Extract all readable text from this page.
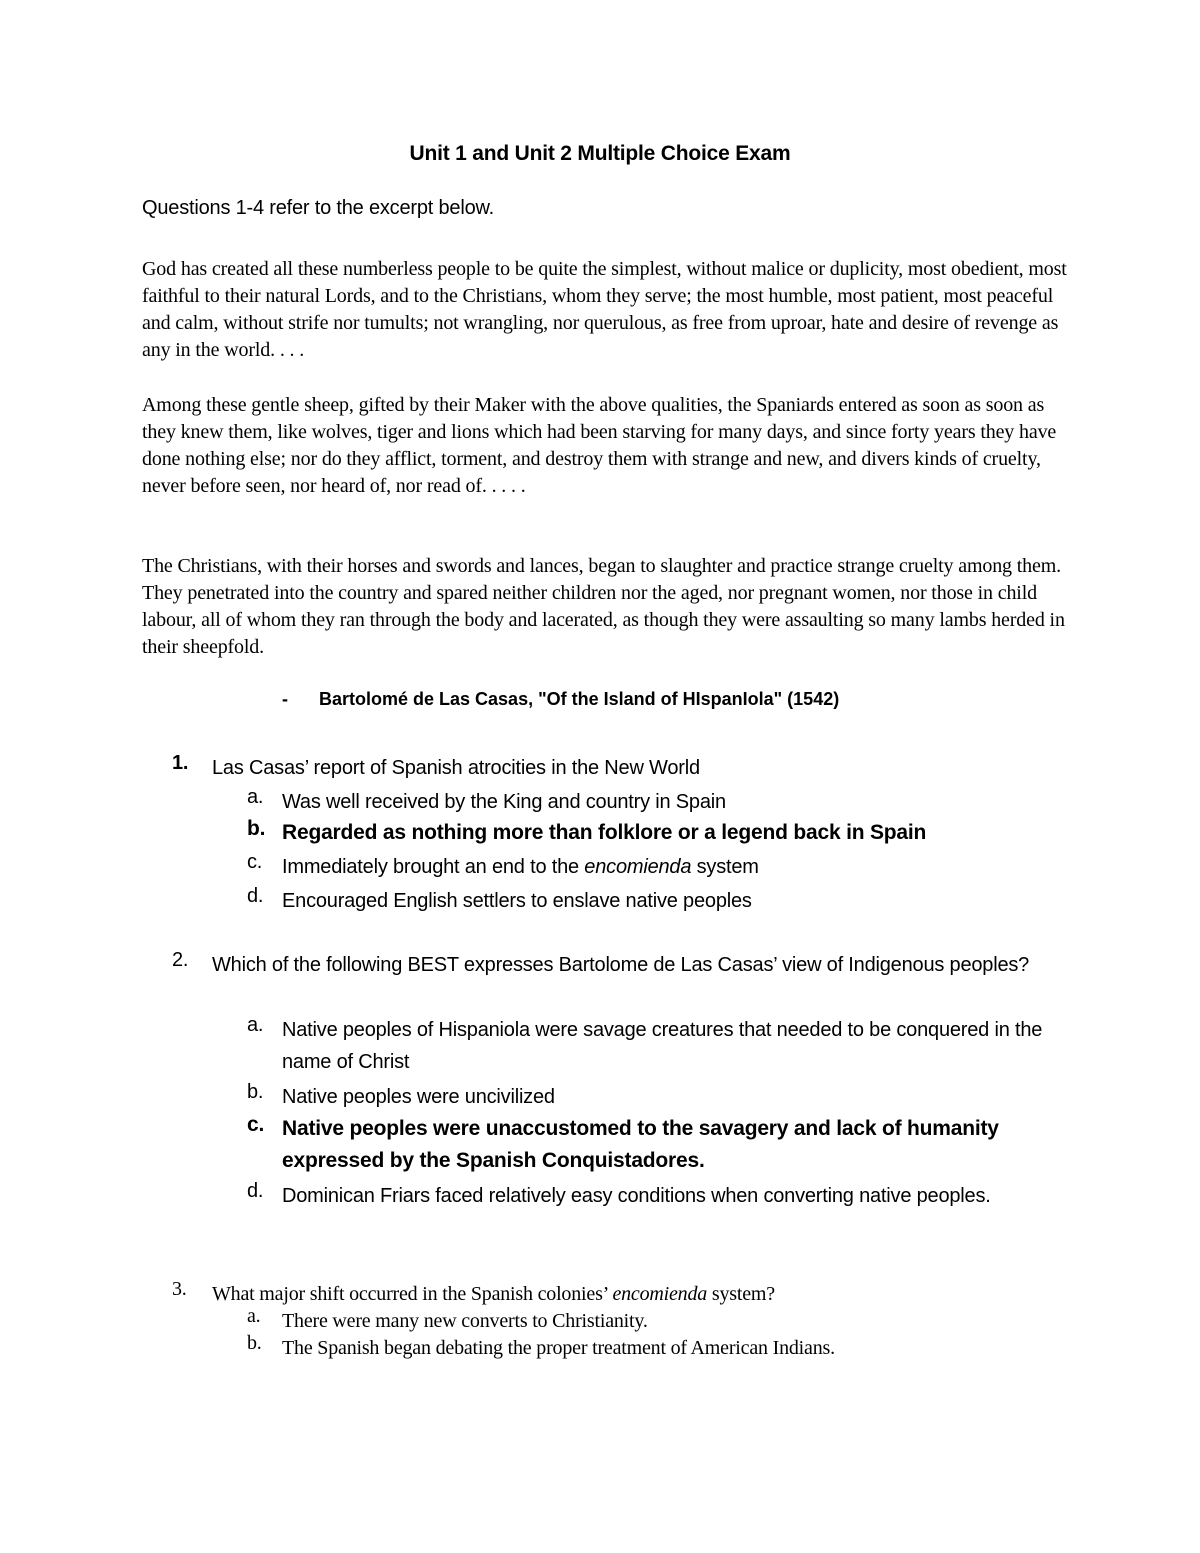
Unit 1 and Unit 2 Multiple Choice Exam
Questions 1-4 refer to the excerpt below.

God has created all these numberless people to be quite the simplest, without malice or duplicity, most obedient, most faithful to their natural Lords, and to the Christians, whom they serve; the most humble, most patient, most peaceful and calm, without strife nor tumults; not wrangling, nor querulous, as free from uproar, hate and desire of revenge as any in the world. . . .

Among these gentle sheep, gifted by their Maker with the above qualities, the Spaniards entered as soon as soon as they knew them, like wolves, tiger and lions which had been starving for many days, and since forty years they have done nothing else; nor do they afflict, torment, and destroy them with strange and new, and divers kinds of cruelty, never before seen, nor heard of, nor read of. . . . .

The Christians, with their horses and swords and lances, began to slaughter and practice strange cruelty among them. They penetrated into the country and spared neither children nor the aged, nor pregnant women, nor those in child labour, all of whom they ran through the body and lacerated, as though they were assaulting so many lambs herded in their sheepfold.

- Bartolomé de Las Casas, "Of the Island of HIspanIola" (1542)
1. Las Casas’ report of Spanish atrocities in the New World
a. Was well received by the King and country in Spain
b. Regarded as nothing more than folklore or a legend back in Spain
c. Immediately brought an end to the encomienda system
d. Encouraged English settlers to enslave native peoples
2. Which of the following BEST expresses Bartolome de Las Casas’ view of Indigenous peoples?
a. Native peoples of Hispaniola were savage creatures that needed to be conquered in the name of Christ
b. Native peoples were uncivilized
c. Native peoples were unaccustomed to the savagery and lack of humanity expressed by the Spanish Conquistadores.
d. Dominican Friars faced relatively easy conditions when converting native peoples.
3. What major shift occurred in the Spanish colonies’ encomienda system?
a. There were many new converts to Christianity.
b. The Spanish began debating the proper treatment of American Indians.
